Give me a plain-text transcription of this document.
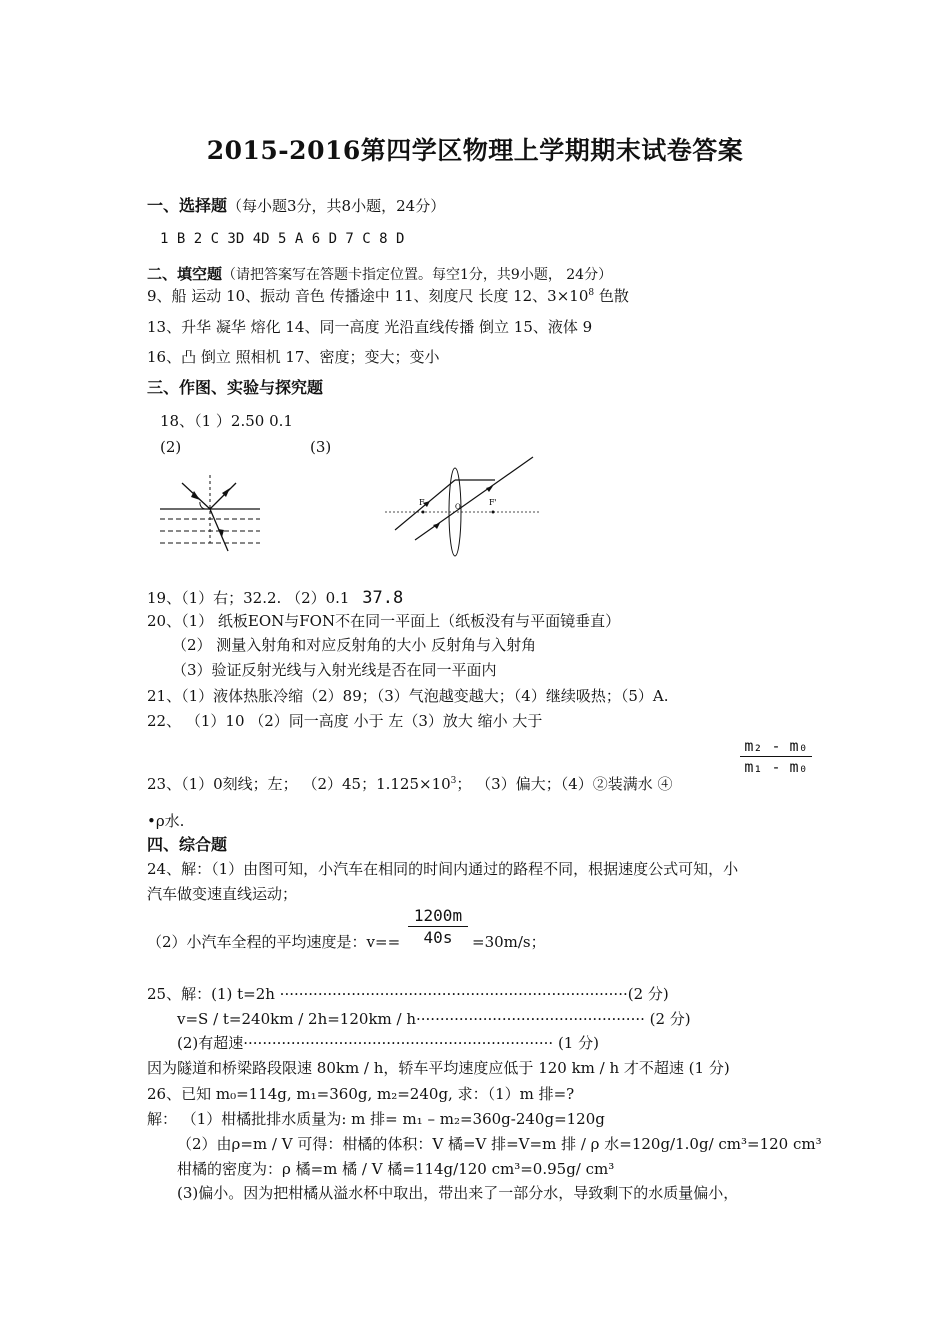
2015-2016第四学区物理上学期期末试卷答案
一、选择题（每小题3分，共8小题，24分）
1 B 2 C 3D 4D 5 A 6 D 7 C 8 D
二、填空题（请把答案写在答题卡指定位置。每空1分，共9小题， 24分）
9、船 运动 10、振动 音色 传播途中 11、刻度尺 长度 12、$3\times 10^8$ 色散
13、升华 凝华 熔化 14、同一高度 光沿直线传播 倒立 15、液体 9
16、凸 倒立 照相机 17、密度；变大；变小
三、作图、实验与探究题
18、（1 ）2.50 0.1
(2)	(3)
F	O	F'
19、（1）右；32.2. （2）0.1 37.8
20、（1） 纸板EON与FON不在同一平面上（纸板没有与平面镜垂直）
（2） 测量入射角和对应反射角的大小 反射角与入射角
（3）验证反射光线与入射光线是否在同一平面内
21、（1）液体热胀冷缩（2）89；（3）气泡越变越大；（4）继续吸热；（5）A.
22、 （1）10 （2）同一高度 小于 左（3）放大 缩小 大于
23、（1）0刻线；左； （2）45；$1.125\times 10^3$； （3）偏大；（4）②装满水 ④
m₂ - m₀
m₁ - m₀
•ρ水.
四、综合题
24、解：（1）由图可知，小汽车在相同的时间内通过的路程不同，根据速度公式可知，小
汽车做变速直线运动；
（2）小汽车全程的平均速度是：v==
1200m
40s	=30m/s；
25、解：(1) t=2h ·········································································(2 分)
v=S / t=240km / 2h=120km / h················································ (2 分)
(2)有超速································································· (1 分)
因为隧道和桥梁路段限速 80km / h，轿车平均速度应低于 120 km / h 才不超速 (1 分)
26、已知 m₀=114g, m₁=360g, m₂=240g, 求：（1）m 排=?
解： （1）柑橘批排水质量为: m 排= m₁ – m₂=360g-240g=120g
（2）由ρ=m / V 可得：柑橘的体积：V 橘=V 排=V=m 排 / ρ 水=120g/1.0g/ cm³=120 cm³
柑橘的密度为：ρ 橘=m 橘 / V 橘=114g/120 cm³=0.95g/ cm³
(3)偏小。因为把柑橘从溢水杯中取出，带出来了一部分水，导致剩下的水质量偏小，
